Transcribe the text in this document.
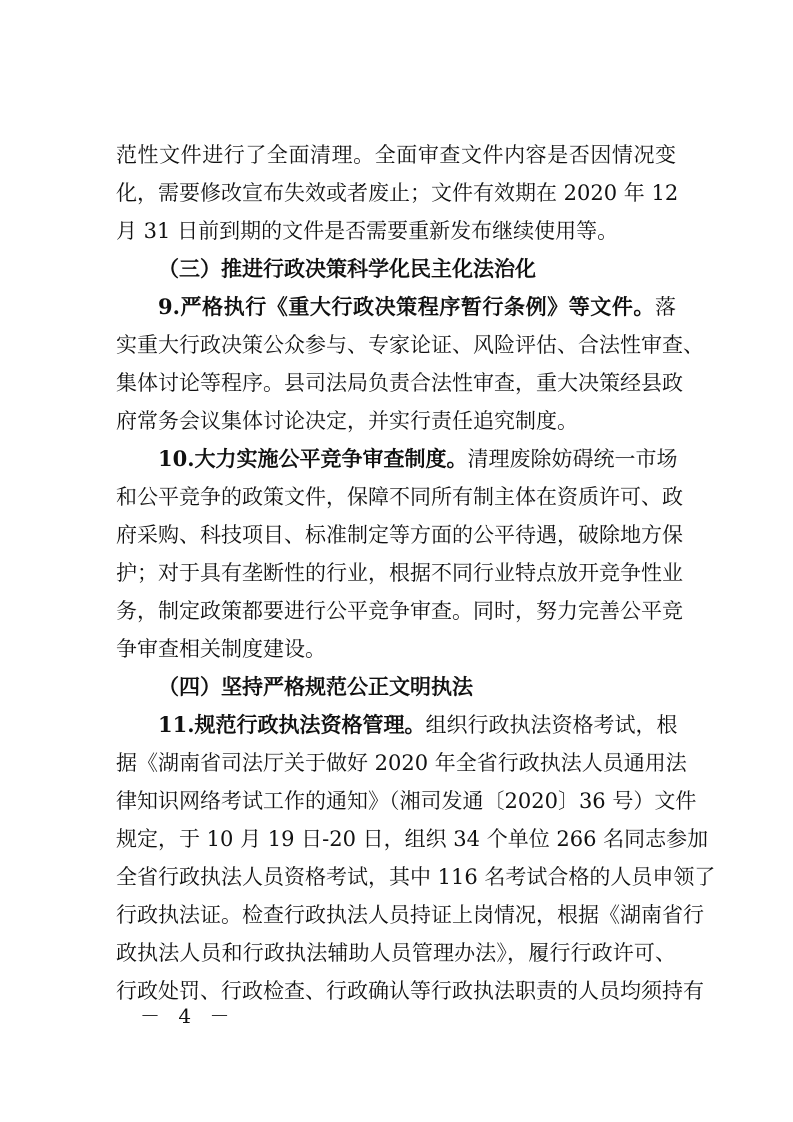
范性文件进行了全面清理。全面审查文件内容是否因情况变
化，需要修改宣布失效或者废止；文件有效期在 2020 年 12
月 31 日前到期的文件是否需要重新发布继续使用等。
（三）推进行政决策科学化民主化法治化
9.严格执行《重大行政决策程序暂行条例》等文件。落
实重大行政决策公众参与、专家论证、风险评估、合法性审查、
集体讨论等程序。县司法局负责合法性审查，重大决策经县政
府常务会议集体讨论决定，并实行责任追究制度。
10.大力实施公平竞争审查制度。清理废除妨碍统一市场
和公平竞争的政策文件，保障不同所有制主体在资质许可、政
府采购、科技项目、标准制定等方面的公平待遇，破除地方保
护；对于具有垄断性的行业，根据不同行业特点放开竞争性业
务，制定政策都要进行公平竞争审查。同时，努力完善公平竞
争审查相关制度建设。
（四）坚持严格规范公正文明执法
11.规范行政执法资格管理。组织行政执法资格考试，根
据《湖南省司法厅关于做好 2020 年全省行政执法人员通用法
律知识网络考试工作的通知》（湘司发通〔2020〕36 号）文件
规定，于 10 月 19 日-20 日，组织 34 个单位 266 名同志参加
全省行政执法人员资格考试，其中 116 名考试合格的人员申领了
行政执法证。检查行政执法人员持证上岗情况，根据《湖南省行
政执法人员和行政执法辅助人员管理办法》，履行行政许可、
行政处罚、行政检查、行政确认等行政执法职责的人员均须持有
－ 4 －
